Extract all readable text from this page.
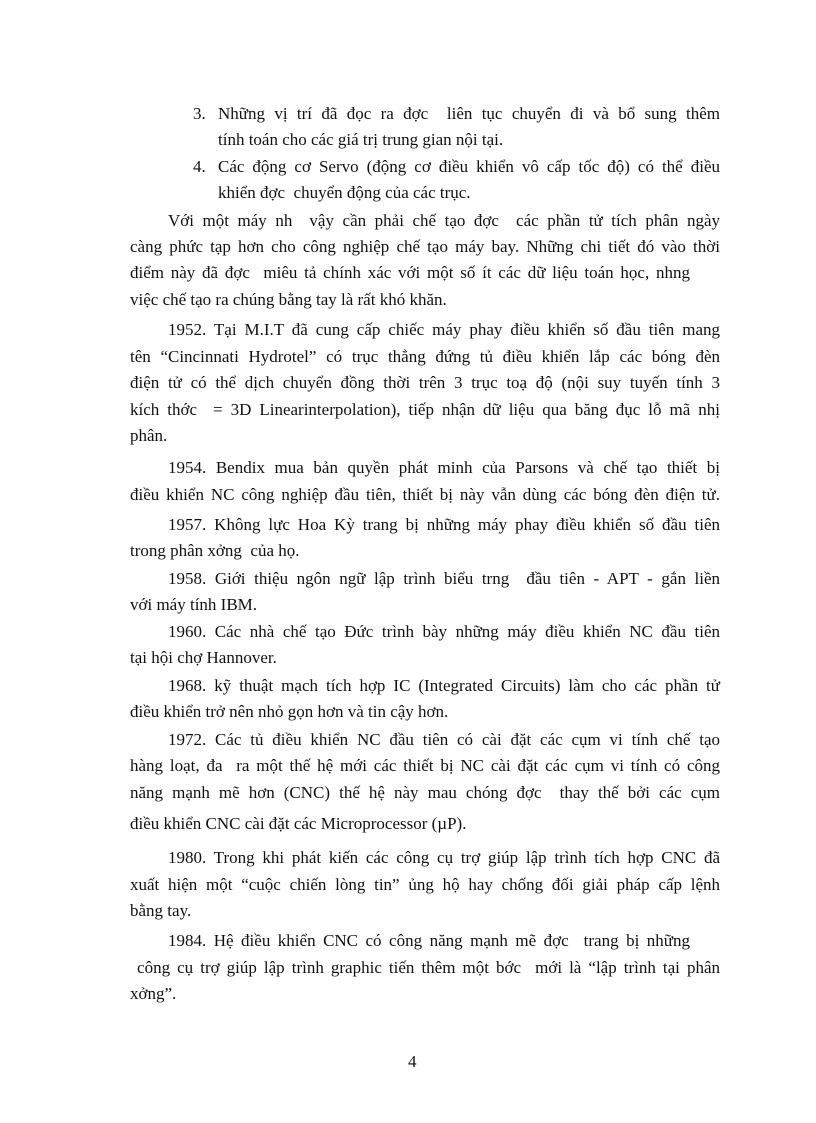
3. Những vị trí đã đọc ra đợc  liên tục chuyển đi và bổ sung thêm
tính toán cho các giá trị trung gian nội tại.
4. Các động cơ Servo (động cơ điều khiển vô cấp tốc độ) có thể điều
khiển đợc  chuyển động của các trục.
Với một máy nh  vậy cần phải chế tạo đợc  các phần tử tích phân ngày
càng phức tạp hơn cho công nghiệp chế tạo máy bay. Những chi tiết đó vào thời
điểm này đã đợc  miêu tả chính xác với một số ít các dữ liệu toán học, nhng
việc chế tạo ra chúng bằng tay là rất khó khăn.
1952. Tại M.I.T đã cung cấp chiếc máy phay điều khiển số đầu tiên mang
tên “Cincinnati Hydrotel” có trục thẳng đứng tủ điều khiển lắp các bóng đèn
điện tử có thể dịch chuyển đồng thời trên 3 trục toạ độ (nội suy tuyến tính 3
kích thớc  = 3D Linearinterpolation), tiếp nhận dữ liệu qua băng đục lỗ mã nhị
phân.
1954. Bendix mua bản quyền phát minh của Parsons và chế tạo thiết bị
điều khiển NC công nghiệp đầu tiên, thiết bị này vẫn dùng các bóng đèn điện tử.
1957. Không lực Hoa Kỳ trang bị những máy phay điều khiển số đầu tiên
trong phân xởng  của họ.
1958. Giới thiệu ngôn ngữ lập trình biểu trng  đầu tiên - APT - gắn liền
với máy tính IBM.
1960. Các nhà chế tạo Đức trình bày những máy điều khiển NC đầu tiên
tại hội chợ Hannover.
1968. kỹ thuật mạch tích hợp IC (Integrated Circuits) làm cho các phần tử
điều khiển trở nên nhỏ gọn hơn và tin cậy hơn.
1972. Các tủ điều khiển NC đầu tiên có cài đặt các cụm vi tính chế tạo
hàng loạt, đa  ra một thế hệ mới các thiết bị NC cài đặt các cụm vi tính có công
năng mạnh mẽ hơn (CNC) thế hệ này mau chóng đợc  thay thế bởi các cụm
điều khiển CNC cài đặt các Microprocessor (µP).
1980. Trong khi phát kiến các công cụ trợ giúp lập trình tích hợp CNC đã
xuất hiện một “cuộc chiến lòng tin” ủng hộ hay chống đối giải pháp cấp lệnh
bằng tay.
1984. Hệ điều khiển CNC có công năng mạnh mẽ đợc  trang bị những
công cụ trợ giúp lập trình graphic tiến thêm một bớc  mới là “lập trình tại phân
xởng”.
4
